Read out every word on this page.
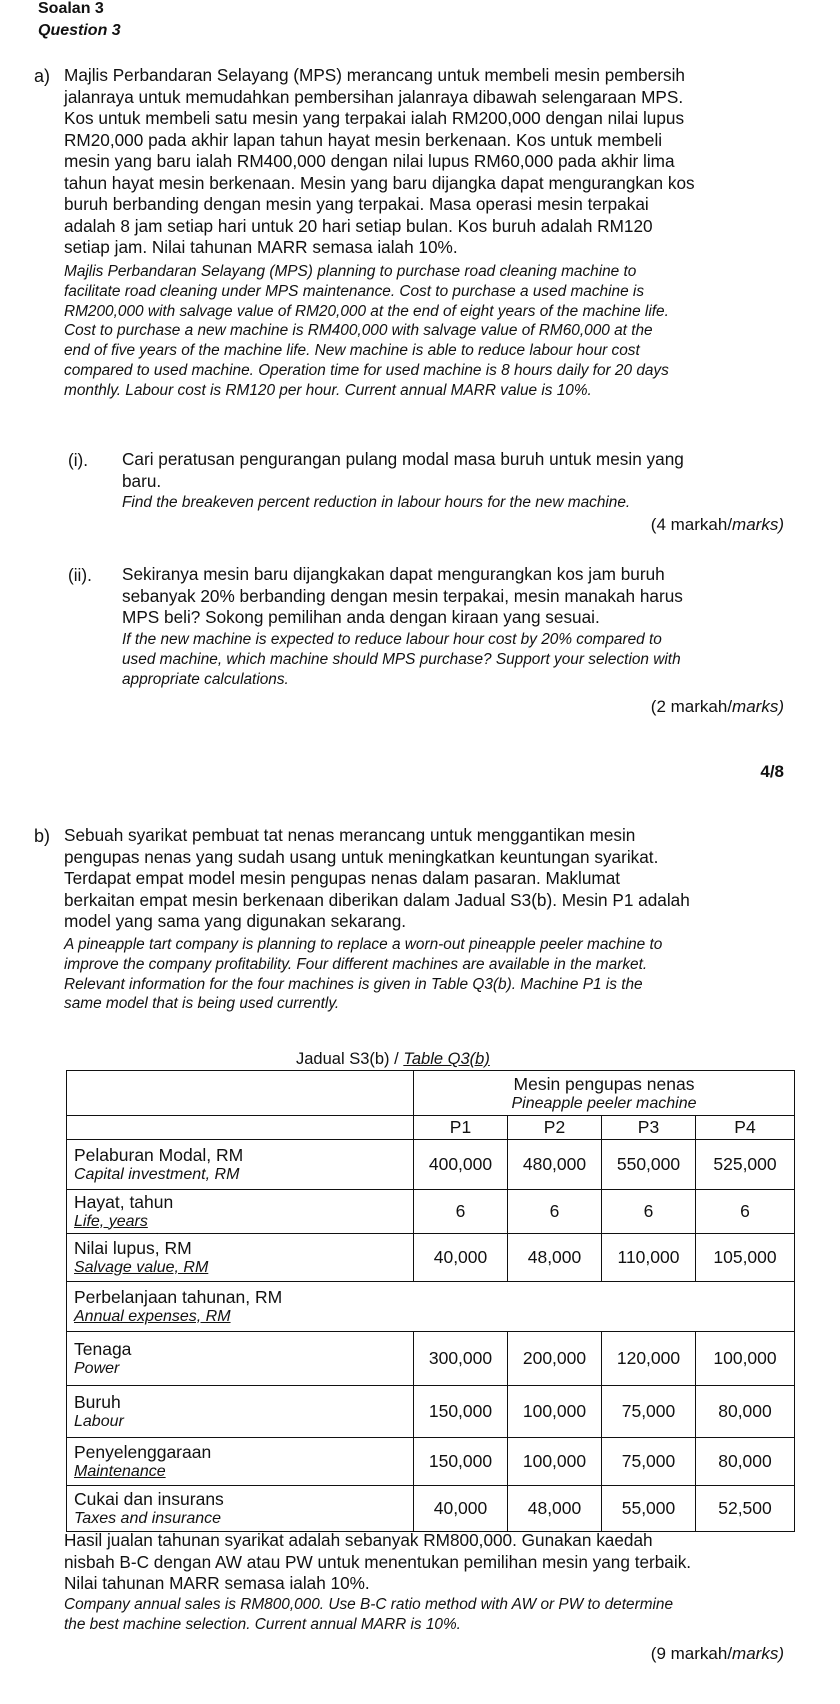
Soalan 3
Question 3
a) Majlis Perbandaran Selayang (MPS) merancang untuk membeli mesin pembersih
jalanraya untuk memudahkan pembersihan jalanraya dibawah selengaraan MPS.
Kos untuk membeli satu mesin yang terpakai ialah RM200,000 dengan nilai lupus
RM20,000 pada akhir lapan tahun hayat mesin berkenaan. Kos untuk membeli
mesin yang baru ialah RM400,000 dengan nilai lupus RM60,000 pada akhir lima
tahun hayat mesin berkenaan. Mesin yang baru dijangka dapat mengurangkan kos
buruh berbanding dengan mesin yang terpakai. Masa operasi mesin terpakai
adalah 8 jam setiap hari untuk 20 hari setiap bulan. Kos buruh adalah RM120
setiap jam. Nilai tahunan MARR semasa ialah 10%.
Majlis Perbandaran Selayang (MPS) planning to purchase road cleaning machine to
facilitate road cleaning under MPS maintenance. Cost to purchase a used machine is
RM200,000 with salvage value of RM20,000 at the end of eight years of the machine life.
Cost to purchase a new machine is RM400,000 with salvage value of RM60,000 at the
end of five years of the machine life. New machine is able to reduce labour hour cost
compared to used machine. Operation time for used machine is 8 hours daily for 20 days
monthly. Labour cost is RM120 per hour. Current annual MARR value is 10%.
(i). Cari peratusan pengurangan pulang modal masa buruh untuk mesin yang
baru.
Find the breakeven percent reduction in labour hours for the new machine.
(4 markah/marks)
(ii). Sekiranya mesin baru dijangkakan dapat mengurangkan kos jam buruh
sebanyak 20% berbanding dengan mesin terpakai, mesin manakah harus
MPS beli? Sokong pemilihan anda dengan kiraan yang sesuai.
If the new machine is expected to reduce labour hour cost by 20% compared to
used machine, which machine should MPS purchase? Support your selection with
appropriate calculations.
(2 markah/marks)
4/8
b) Sebuah syarikat pembuat tat nenas merancang untuk menggantikan mesin
pengupas nenas yang sudah usang untuk meningkatkan keuntungan syarikat.
Terdapat empat model mesin pengupas nenas dalam pasaran. Maklumat
berkaitan empat mesin berkenaan diberikan dalam Jadual S3(b). Mesin P1 adalah
model yang sama yang digunakan sekarang.
A pineapple tart company is planning to replace a worn-out pineapple peeler machine to
improve the company profitability. Four different machines are available in the market.
Relevant information for the four machines is given in Table Q3(b). Machine P1 is the
same model that is being used currently.
Jadual S3(b) / Table Q3(b)

	Mesin pengupas nenas
Pineapple peeler machine			

	P1	P2	P3	P4

Pelaburan Modal, RM
Capital investment, RM	400,000	480,000	550,000	525,000

Hayat, tahun
Life, years	6	6	6	6

Nilai lupus, RM
Salvage value, RM	40,000	48,000	110,000	105,000

Perbelanjaan tahunan, RM
Annual expenses, RM				

Tenaga
Power	300,000	200,000	120,000	100,000

Buruh
Labour	150,000	100,000	75,000	80,000

Penyelenggaraan
Maintenance	150,000	100,000	75,000	80,000

Cukai dan insurans
Taxes and insurance	40,000	48,000	55,000	52,500
Hasil jualan tahunan syarikat adalah sebanyak RM800,000. Gunakan kaedah
nisbah B-C dengan AW atau PW untuk menentukan pemilihan mesin yang terbaik.
Nilai tahunan MARR semasa ialah 10%.
Company annual sales is RM800,000. Use B-C ratio method with AW or PW to determine
the best machine selection. Current annual MARR is 10%.
(9 markah/marks)
